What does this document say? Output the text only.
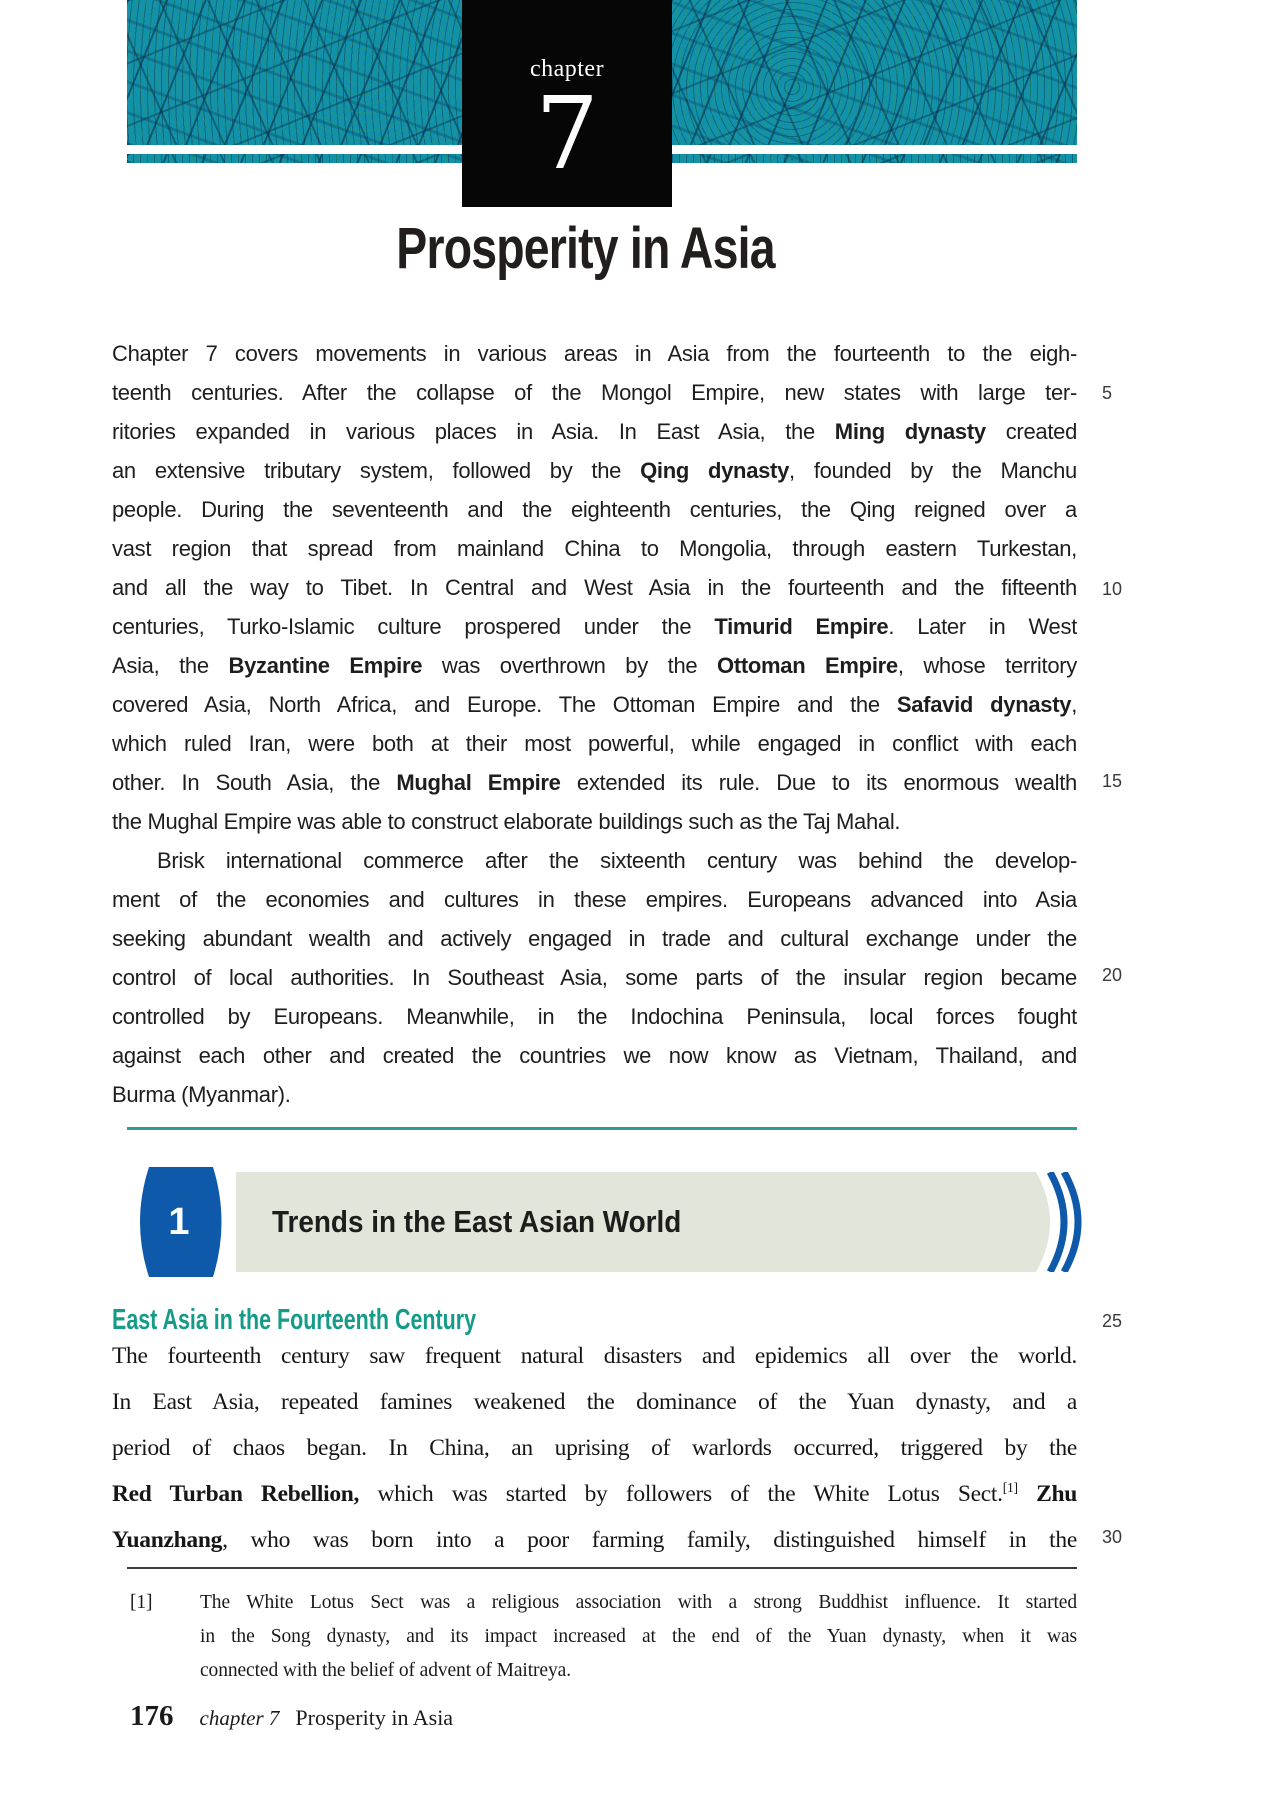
chapter
7
Prosperity in Asia
Chapter 7 covers movements in various areas in Asia from the fourteenth to the eigh-
teenth centuries. After the collapse of the Mongol Empire, new states with large ter-
ritories expanded in various places in Asia. In East Asia, the Ming dynasty created
an extensive tributary system, followed by the Qing dynasty, founded by the Manchu
people. During the seventeenth and the eighteenth centuries, the Qing reigned over a
vast region that spread from mainland China to Mongolia, through eastern Turkestan,
and all the way to Tibet. In Central and West Asia in the fourteenth and the fifteenth
centuries, Turko-Islamic culture prospered under the Timurid Empire. Later in West
Asia, the Byzantine Empire was overthrown by the Ottoman Empire, whose territory
covered Asia, North Africa, and Europe. The Ottoman Empire and the Safavid dynasty,
which ruled Iran, were both at their most powerful, while engaged in conflict with each
other. In South Asia, the Mughal Empire extended its rule. Due to its enormous wealth
the Mughal Empire was able to construct elaborate buildings such as the Taj Mahal.
Brisk international commerce after the sixteenth century was behind the develop-
ment of the economies and cultures in these empires. Europeans advanced into Asia
seeking abundant wealth and actively engaged in trade and cultural exchange under the
control of local authorities. In Southeast Asia, some parts of the insular region became
controlled by Europeans. Meanwhile, in the Indochina Peninsula, local forces fought
against each other and created the countries we now know as Vietnam, Thailand, and
Burma (Myanmar).
1	Trends in the East Asian World
East Asia in the Fourteenth Century
The fourteenth century saw frequent natural disasters and epidemics all over the world.
In East Asia, repeated famines weakened the dominance of the Yuan dynasty, and a
period of chaos began. In China, an uprising of warlords occurred, triggered by the
Red Turban Rebellion, which was started by followers of the White Lotus Sect.[1] Zhu
Yuanzhang, who was born into a poor farming family, distinguished himself in the
[1] The White Lotus Sect was a religious association with a strong Buddhist influence. It started
in the Song dynasty, and its impact increased at the end of the Yuan dynasty, when it was
connected with the belief of advent of Maitreya.
176 chapter 7 Prosperity in Asia
5
10
15
20
25
30
